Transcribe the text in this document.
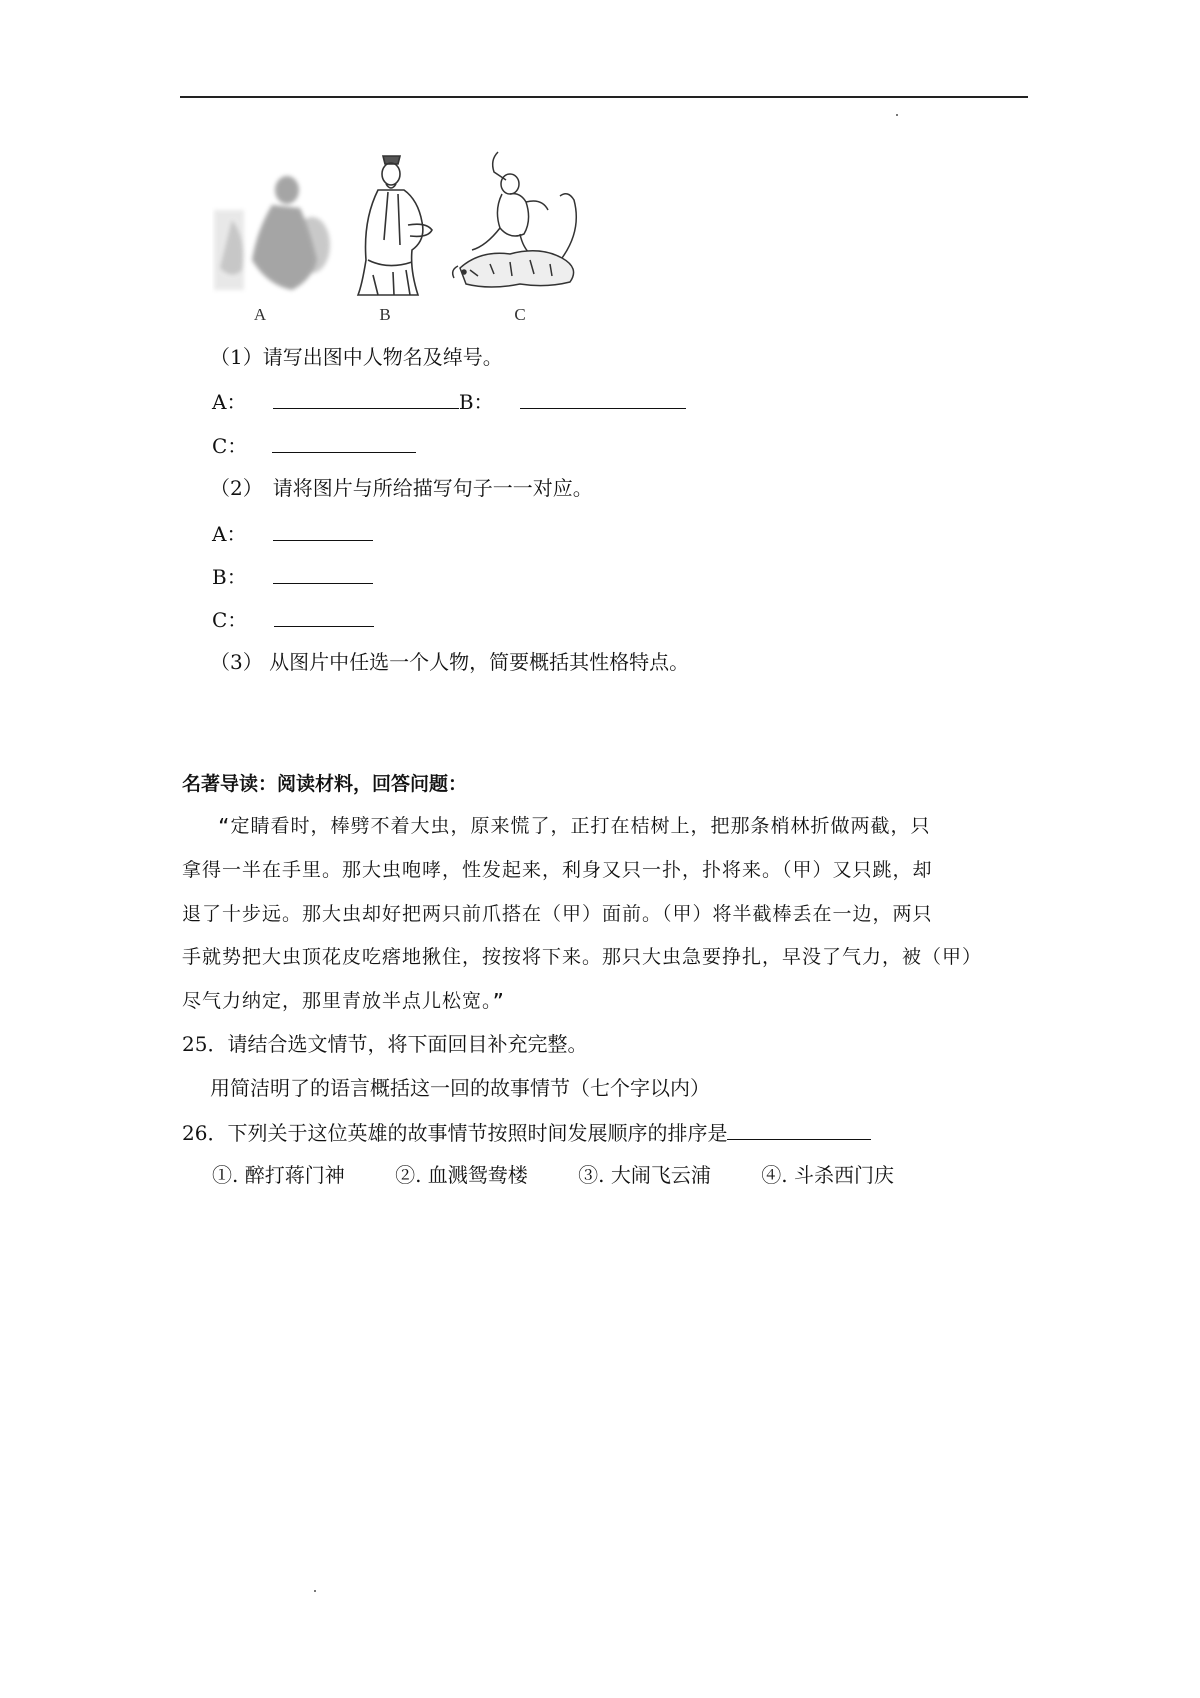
A	B	C
（1）请写出图中人物名及绰号。
A：	B：
C：
（2）　请将图片与所给描写句子一一对应。
A：
B：
C：
（3） 从图片中任选一个人物，简要概括其性格特点。
名著导读：阅读材料，回答问题：
“定睛看时，棒劈不着大虫，原来慌了，正打在桔树上，把那条梢林折做两截，只
拿得一半在手里。那大虫咆哮，性发起来，利身又只一扑，扑将来。（甲）又只跳，却
退了十步远。那大虫却好把两只前爪搭在（甲）面前。（甲）将半截棒丢在一边，两只
手就势把大虫顶花皮吃瘩地揪住，按按将下来。那只大虫急要挣扎，早没了气力，被（甲）
尽气力纳定，那里青放半点儿松宽。”
25．请结合选文情节，将下面回目补充完整。
用简洁明了的语言概括这一回的故事情节（七个字以内）
26．下列关于这位英雄的故事情节按照时间发展顺序的排序是
①. 醉打蒋门神	②. 血溅鸳鸯楼	③. 大闹飞云浦	④. 斗杀西门庆
